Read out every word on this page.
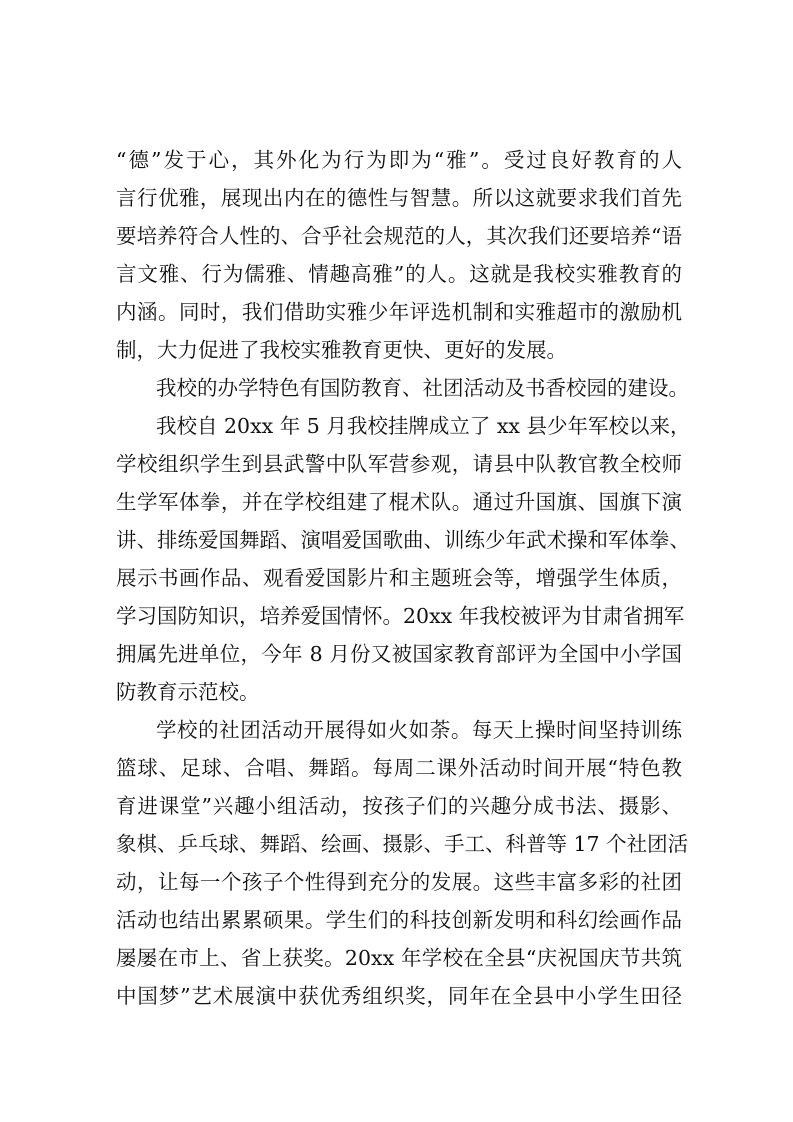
“德”发于心，其外化为行为即为“雅”。受过良好教育的人
言行优雅，展现出内在的德性与智慧。所以这就要求我们首先
要培养符合人性的、合乎社会规范的人，其次我们还要培养“语
言文雅、行为儒雅、情趣高雅”的人。这就是我校实雅教育的
内涵。同时，我们借助实雅少年评选机制和实雅超市的激励机
制，大力促进了我校实雅教育更快、更好的发展。
我校的办学特色有国防教育、社团活动及书香校园的建设。
我校自 20xx 年 5 月我校挂牌成立了 xx 县少年军校以来，
学校组织学生到县武警中队军营参观，请县中队教官教全校师
生学军体拳，并在学校组建了棍术队。通过升国旗、国旗下演
讲、排练爱国舞蹈、演唱爱国歌曲、训练少年武术操和军体拳、
展示书画作品、观看爱国影片和主题班会等，增强学生体质，
学习国防知识，培养爱国情怀。20xx 年我校被评为甘肃省拥军
拥属先进单位，今年 8 月份又被国家教育部评为全国中小学国
防教育示范校。
学校的社团活动开展得如火如荼。每天上操时间坚持训练
篮球、足球、合唱、舞蹈。每周二课外活动时间开展“特色教
育进课堂”兴趣小组活动，按孩子们的兴趣分成书法、摄影、
象棋、乒乓球、舞蹈、绘画、摄影、手工、科普等 17 个社团活
动，让每一个孩子个性得到充分的发展。这些丰富多彩的社团
活动也结出累累硕果。学生们的科技创新发明和科幻绘画作品
屡屡在市上、省上获奖。20xx 年学校在全县“庆祝国庆节共筑
中国梦”艺术展演中获优秀组织奖，同年在全县中小学生田径
